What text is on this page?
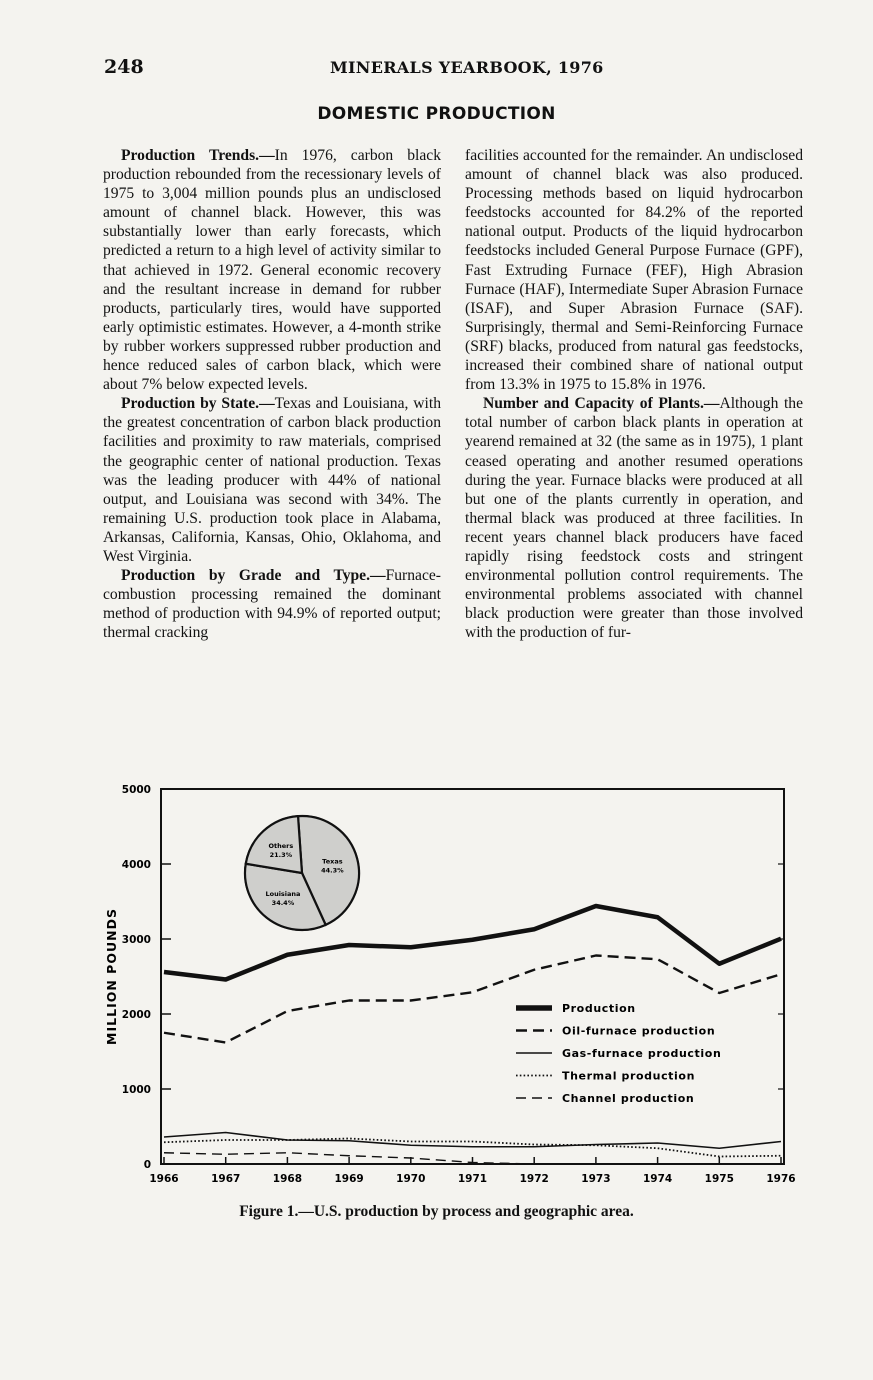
248	MINERALS YEARBOOK, 1976
DOMESTIC PRODUCTION

Production Trends.—In 1976, carbon black production rebounded from the recessionary levels of 1975 to 3,004 million pounds plus an undisclosed amount of channel black. However, this was substantially lower than early forecasts, which predicted a return to a high level of activity similar to that achieved in 1972. General economic recovery and the resultant increase in demand for rubber products, particularly tires, would have supported early optimistic estimates. However, a 4-month strike by rubber workers suppressed rubber production and hence reduced sales of carbon black, which were about 7% below expected levels.

Production by State.—Texas and Louisiana, with the greatest concentration of carbon black production facilities and proximity to raw materials, comprised the geographic center of national production. Texas was the leading producer with 44% of national output, and Louisiana was second with 34%. The remaining U.S. production took place in Alabama, Arkansas, California, Kansas, Ohio, Oklahoma, and West Virginia.

Production by Grade and Type.—Furnace-combustion processing remained the dominant method of production with 94.9% of reported output; thermal cracking

facilities accounted for the remainder. An undisclosed amount of channel black was also produced. Processing methods based on liquid hydrocarbon feedstocks accounted for 84.2% of the reported national output. Products of the liquid hydrocarbon feedstocks included General Purpose Furnace (GPF), Fast Extruding Furnace (FEF), High Abrasion Furnace (HAF), Intermediate Super Abrasion Furnace (ISAF), and Super Abrasion Furnace (SAF). Surprisingly, thermal and Semi-Reinforcing Furnace (SRF) blacks, produced from natural gas feedstocks, increased their combined share of national output from 13.3% in 1975 to 15.8% in 1976.

Number and Capacity of Plants.—Although the total number of carbon black plants in operation at yearend remained at 32 (the same as in 1975), 1 plant ceased operating and another resumed operations during the year. Furnace blacks were produced at all but one of the plants currently in operation, and thermal black was produced at three facilities. In recent years channel black producers have faced rapidly rising feedstock costs and stringent environmental pollution control requirements. The environmental problems associated with channel black production were greater than those involved with the production of fur-

0
1000
2000
3000
4000
5000
1966	1967	1968	1969	1970	1971	1972	1973	1974	1975	1976
MILLION POUNDS	Production
Oil-furnace production
Gas-furnace production
Thermal production
Channel production
Texas
44.3%
Louisiana
34.4%
Others
21.3%
Figure 1.—U.S. production by process and geographic area.
